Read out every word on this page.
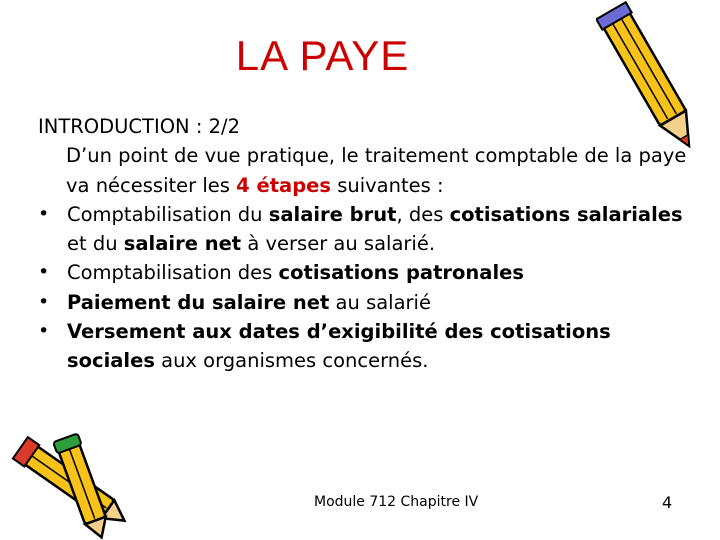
LA PAYE

INTRODUCTION : 2/2

D’un point de vue pratique, le traitement comptable de la paye va nécessiter les 4 étapes suivantes :

• Comptabilisation du salaire brut, des cotisations salariales et du salaire net à verser au salarié.
• Comptabilisation des cotisations patronales
• Paiement du salaire net au salarié
• Versement aux dates d’exigibilité des cotisations sociales aux organismes concernés.
Module 712 Chapitre IV	4
